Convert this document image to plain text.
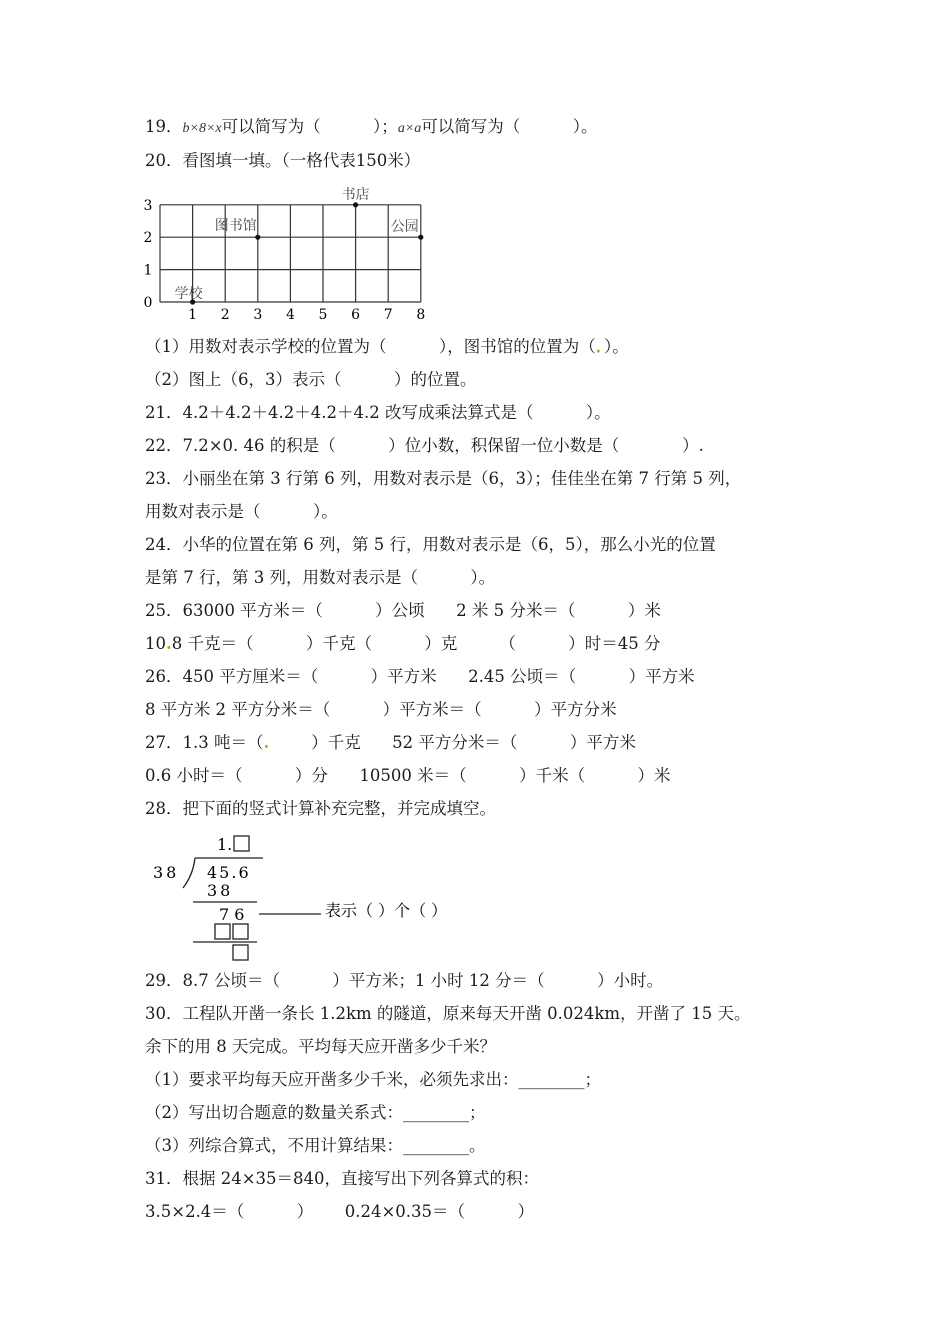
19．b×8×x可以简写为（          ）；a×a可以简写为（          ）。
20．看图填一填。（一格代表150米）
1 2 3 4 5 6 7 8
0
1
2
3
学校
图书馆
书店
公园
（1）用数对表示学校的位置为（          ），图书馆的位置为（．）。
（2）图上（6，3）表示（          ）的位置。
21．4.2＋4.2＋4.2＋4.2＋4.2 改写成乘法算式是（          ）。
22．7.2×0. 46 的积是（          ）位小数，积保留一位小数是（            ）.
23．小丽坐在第 3 行第 6 列，用数对表示是（6，3）；佳佳坐在第 7 行第 5 列，
用数对表示是（          ）。
24．小华的位置在第 6 列，第 5 行，用数对表示是（6，5），那么小光的位置
是第 7 行，第 3 列，用数对表示是（          ）。
25．63000 平方米＝（          ）公顷      2 米 5 分米＝（          ）米
10.8 千克＝（          ）千克（          ）克        （          ）时＝45 分
26．450 平方厘米＝（          ）平方米      2.45 公顷＝（          ）平方米
8 平方米 2 平方分米＝（          ）平方米＝（          ）平方分米
27．1.3 吨＝（.        ）千克      52 平方分米＝（          ）平方米
0.6 小时＝（          ）分      10500 米＝（          ）千米（          ）米
28．把下面的竖式计算补充完整，并完成填空。
1.
38 45.6
38
7 6	表示（ ）个（ ）
29．8.7 公顷＝（          ）平方米；1 小时 12 分＝（          ）小时。
30．工程队开凿一条长 1.2km 的隧道，原来每天开凿 0.024km，开凿了 15 天。
余下的用 8 天完成。平均每天应开凿多少千米？
（1）要求平均每天应开凿多少千米，必须先求出：________；
（2）写出切合题意的数量关系式：________；
（3）列综合算式，不用计算结果：________。
31．根据 24×35＝840，直接写出下列各算式的积：
3.5×2.4＝（          ）      0.24×0.35＝（          ）
